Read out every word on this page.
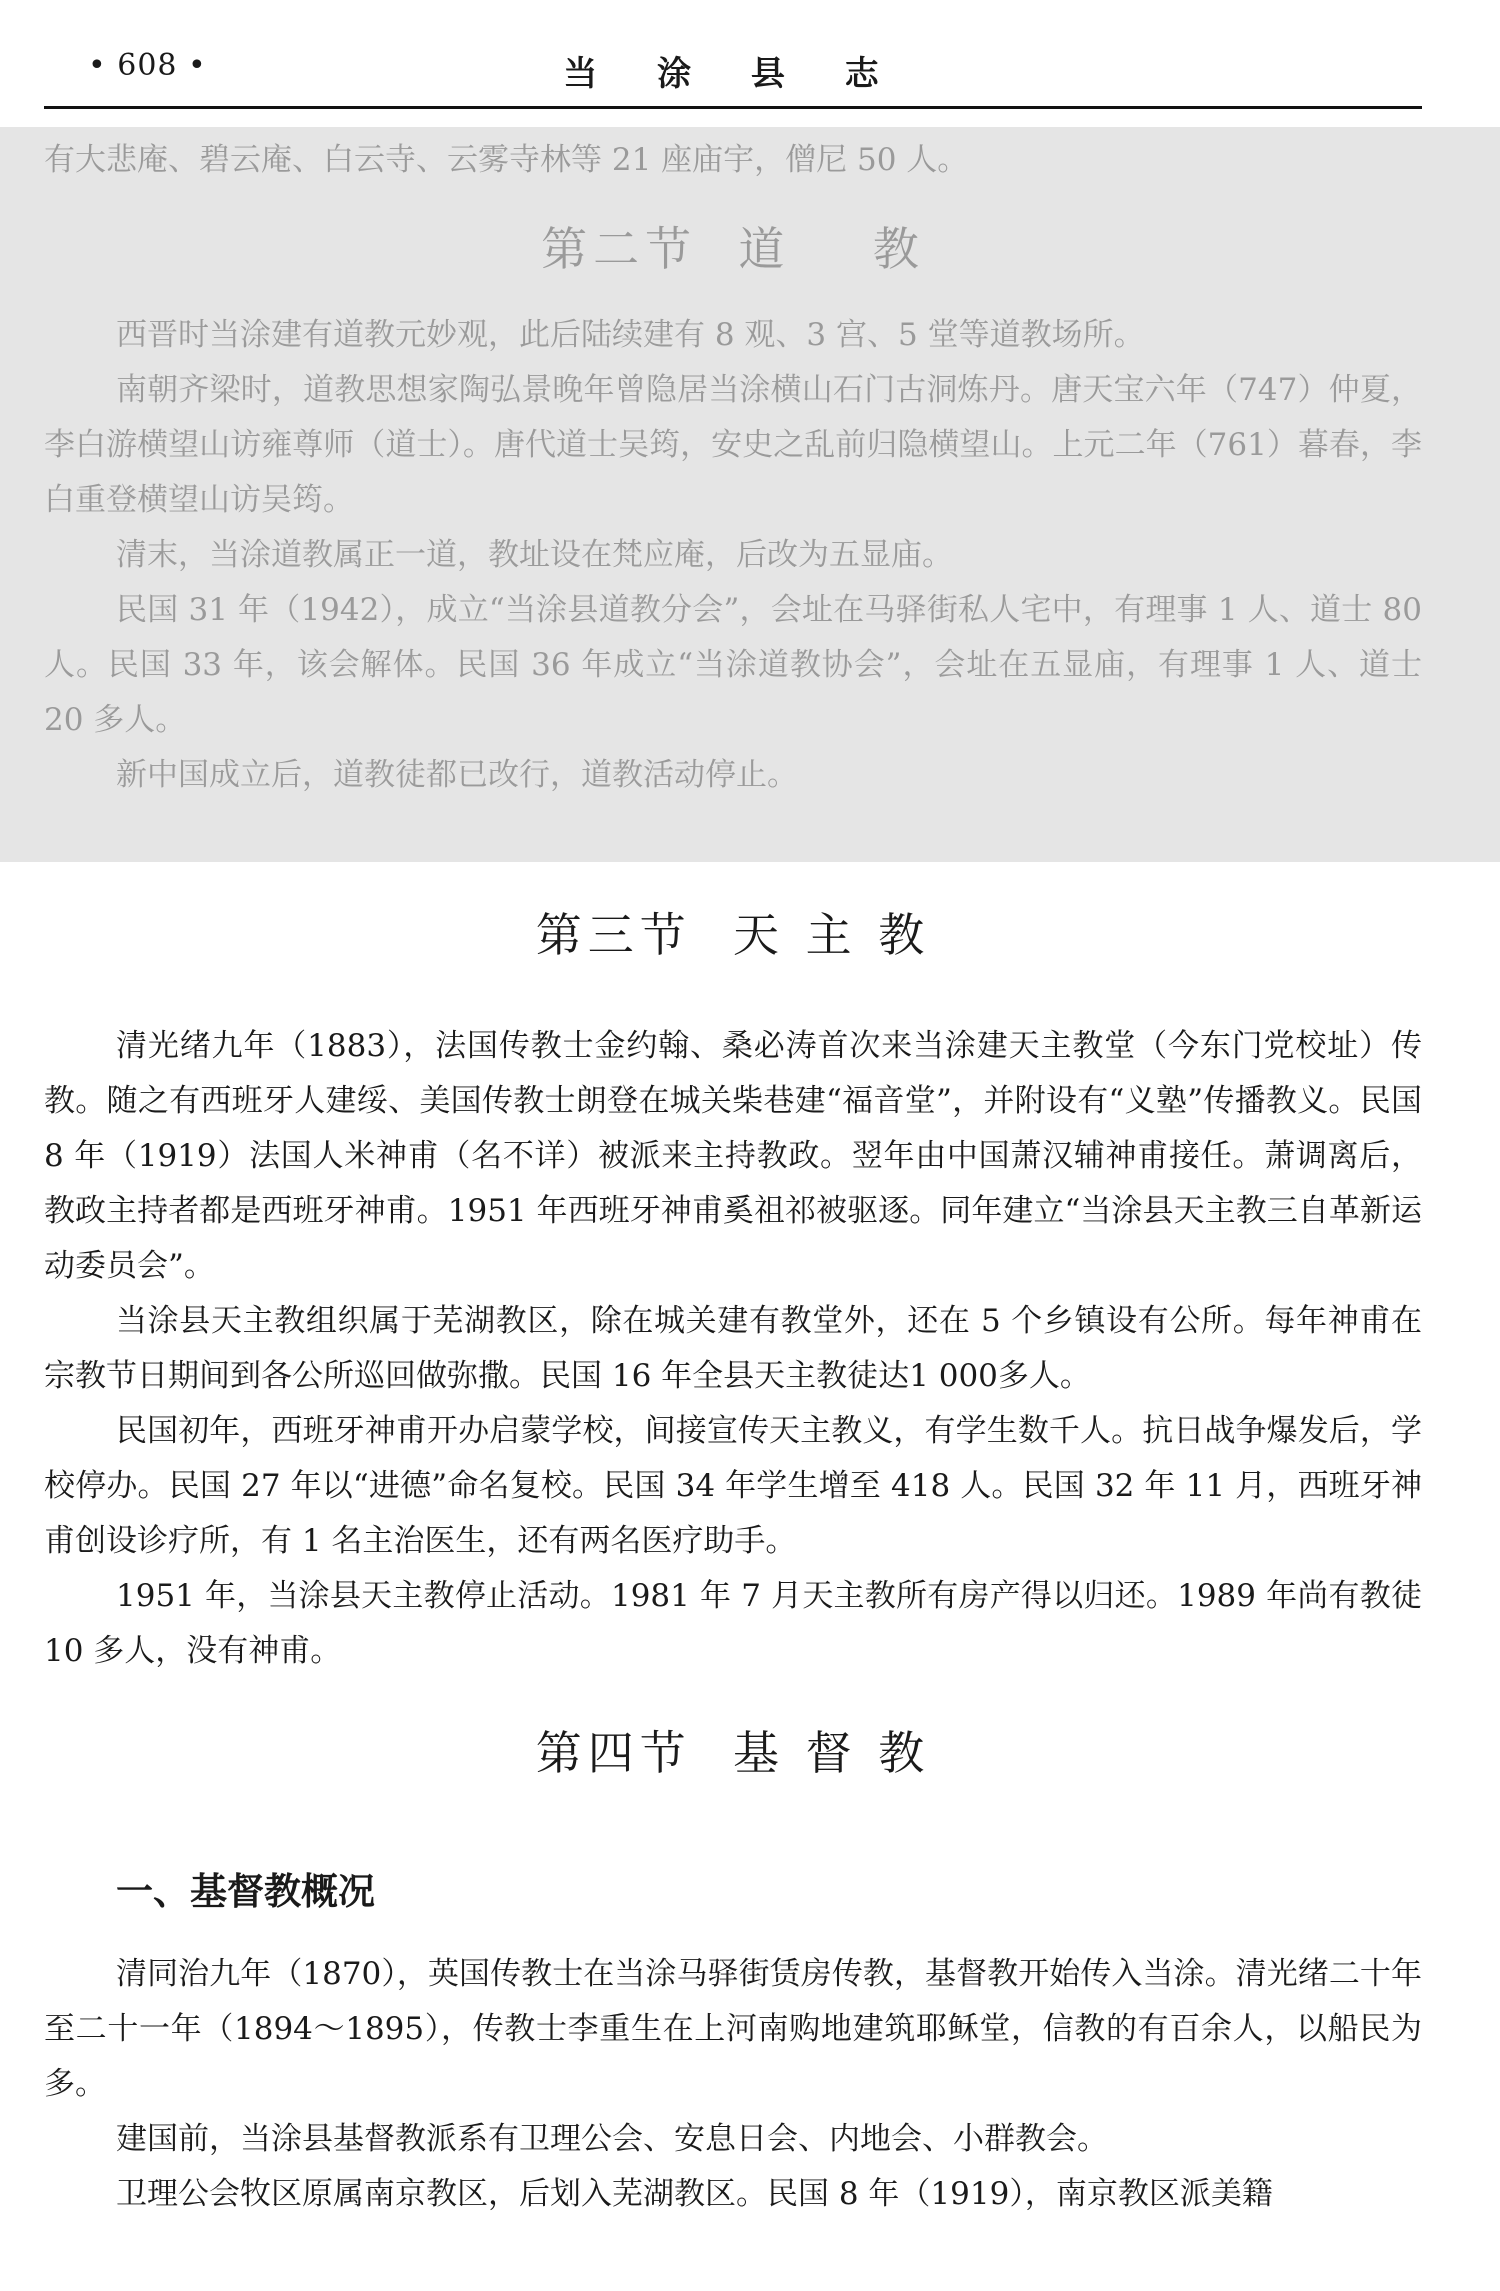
• 608 •	当 涂 县 志

有大悲庵、碧云庵、白云寺、云雾寺林等 21 座庙宇，僧尼 50 人。

第二节  道    教

西晋时当涂建有道教元妙观，此后陆续建有 8 观、3 宫、5 堂等道教场所。

南朝齐梁时，道教思想家陶弘景晚年曾隐居当涂横山石门古洞炼丹。唐天宝六年（747）仲夏，李白游横望山访雍尊师（道士）。唐代道士吴筠，安史之乱前归隐横望山。上元二年（761）暮春，李白重登横望山访吴筠。

清末，当涂道教属正一道，教址设在梵应庵，后改为五显庙。

民国 31 年（1942），成立“当涂县道教分会”，会址在马驿街私人宅中，有理事 1 人、道士 80 人。民国 33 年，该会解体。民国 36 年成立“当涂道教协会”，会址在五显庙，有理事 1 人、道士 20 多人。

新中国成立后，道教徒都已改行，道教活动停止。

第三节  天 主 教

清光绪九年（1883），法国传教士金约翰、桑必涛首次来当涂建天主教堂（今东门党校址）传教。随之有西班牙人建绥、美国传教士朗登在城关柴巷建“福音堂”，并附设有“义塾”传播教义。民国 8 年（1919）法国人米神甫（名不详）被派来主持教政。翌年由中国萧汉辅神甫接任。萧调离后，教政主持者都是西班牙神甫。1951 年西班牙神甫奚祖祁被驱逐。同年建立“当涂县天主教三自革新运动委员会”。

当涂县天主教组织属于芜湖教区，除在城关建有教堂外，还在 5 个乡镇设有公所。每年神甫在宗教节日期间到各公所巡回做弥撒。民国 16 年全县天主教徒达1 000多人。

民国初年，西班牙神甫开办启蒙学校，间接宣传天主教义，有学生数千人。抗日战争爆发后，学校停办。民国 27 年以“进德”命名复校。民国 34 年学生增至 418 人。民国 32 年 11 月，西班牙神甫创设诊疗所，有 1 名主治医生，还有两名医疗助手。

1951 年，当涂县天主教停止活动。1981 年 7 月天主教所有房产得以归还。1989 年尚有教徒 10 多人，没有神甫。

第四节  基 督 教
一、基督教概况

清同治九年（1870），英国传教士在当涂马驿街赁房传教，基督教开始传入当涂。清光绪二十年至二十一年（1894～1895），传教士李重生在上河南购地建筑耶稣堂，信教的有百余人，以船民为多。

建国前，当涂县基督教派系有卫理公会、安息日会、内地会、小群教会。

卫理公会牧区原属南京教区，后划入芜湖教区。民国 8 年（1919），南京教区派美籍
